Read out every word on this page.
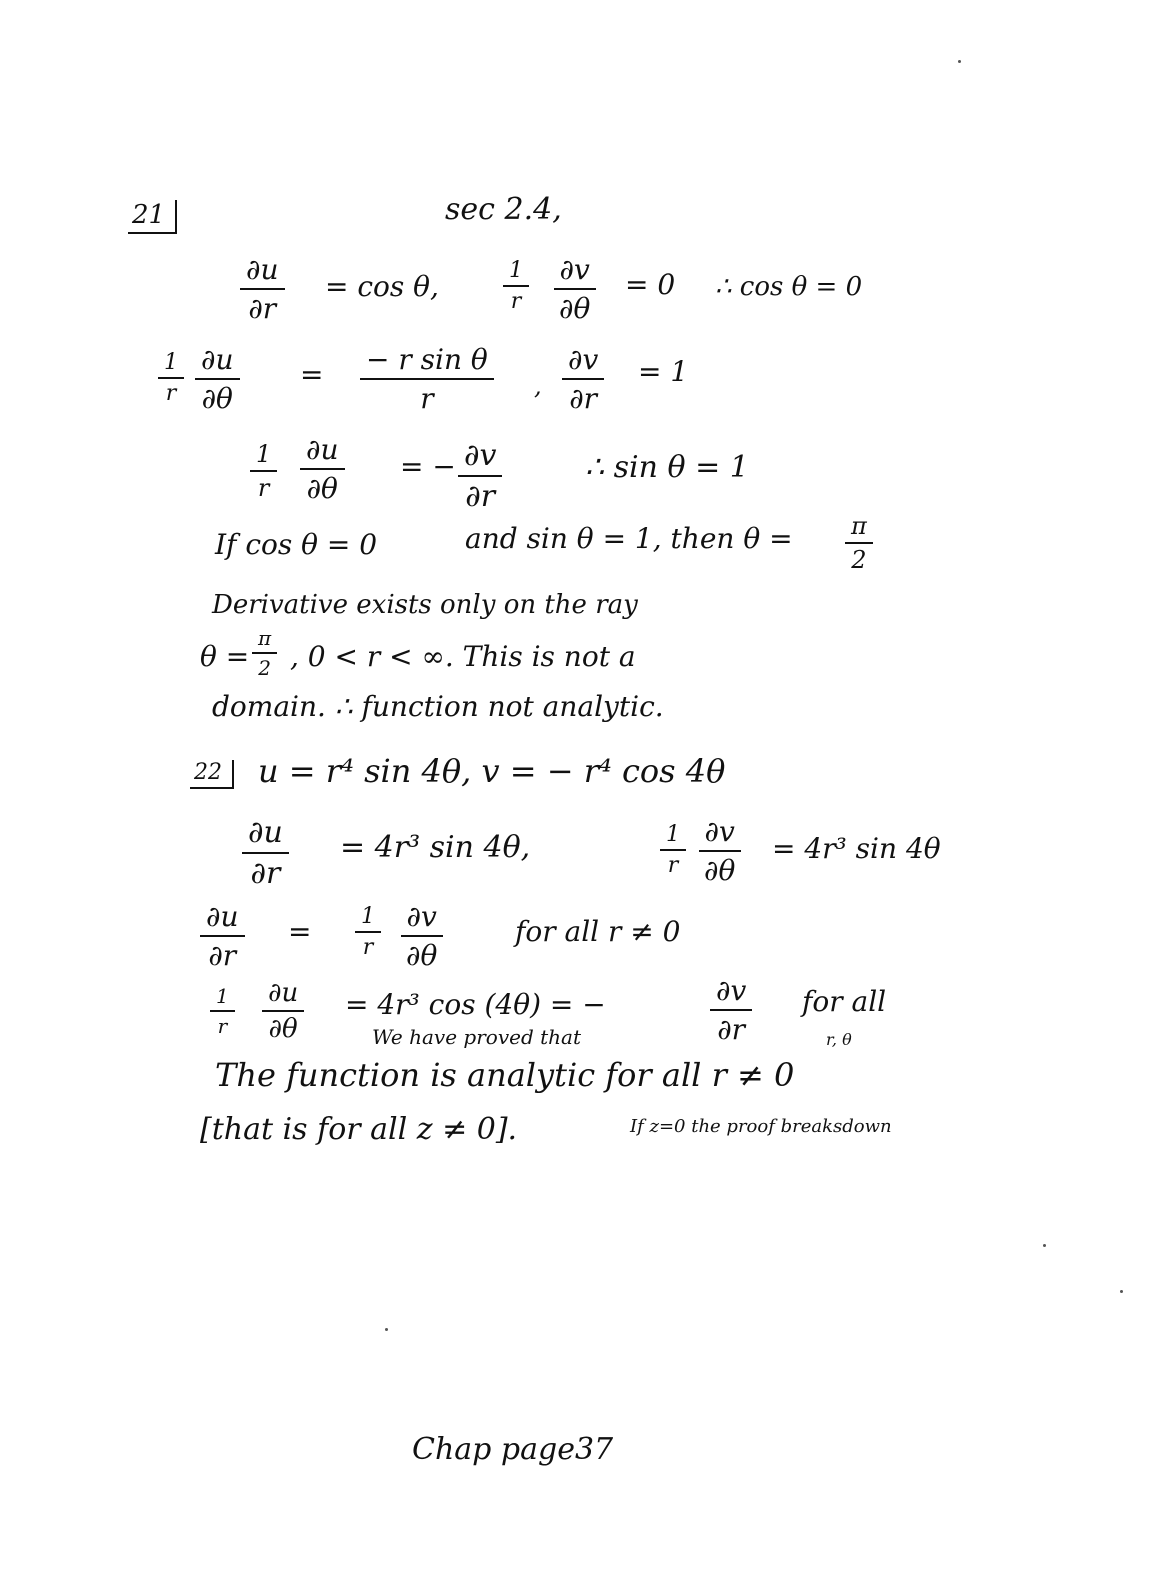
21	sec 2.4,
$\frac{\partial u}{\partial r} = \cos \theta$,	$\frac{1}{r} \frac{\partial v}{\partial\theta} = 0$ ∴ cos θ = 0
$\frac{1}{r} \frac{\partial u}{\partial\theta} = \frac{\text{− r sin θ}}{r}$ , $\frac{\partial v}{\partial r} = 1$
$\frac{1}{r} \frac{\partial u}{\partial\theta}$ = − $\frac{\partial v}{\partial r}$	∴ sin θ = 1
If cos θ = 0	and sin θ = 1, then $\theta = \frac{\pi}{2}$
Derivative exists only on the ray
$\theta = \frac{\pi}{2}$ , 0 < r < ∞. This is not a
domain. ∴ function not analytic.
22	u = r⁴ sin 4θ, v = − r⁴ cos 4θ
$\frac{\partial u}{\partial r} = 4r^3$ sin 4θ,	$\frac{1}{r} \frac{\partial v}{\partial\theta} = 4r^3$ sin 4θ
$\frac{\partial u}{\partial r} = \frac{1}{r} \frac{\partial v}{\partial\theta}$	for all r ≠ 0
$\frac{1}{r} \frac{\partial u}{\partial\theta} = 4r^3$ cos (4θ) = −	$\frac{\partial v}{\partial r}$ for all
r, θ
We have proved that
The function is analytic for all r ≠ 0
[that is for all z ≠ 0].	If z=0 the proof breaksdown
Chap page37
